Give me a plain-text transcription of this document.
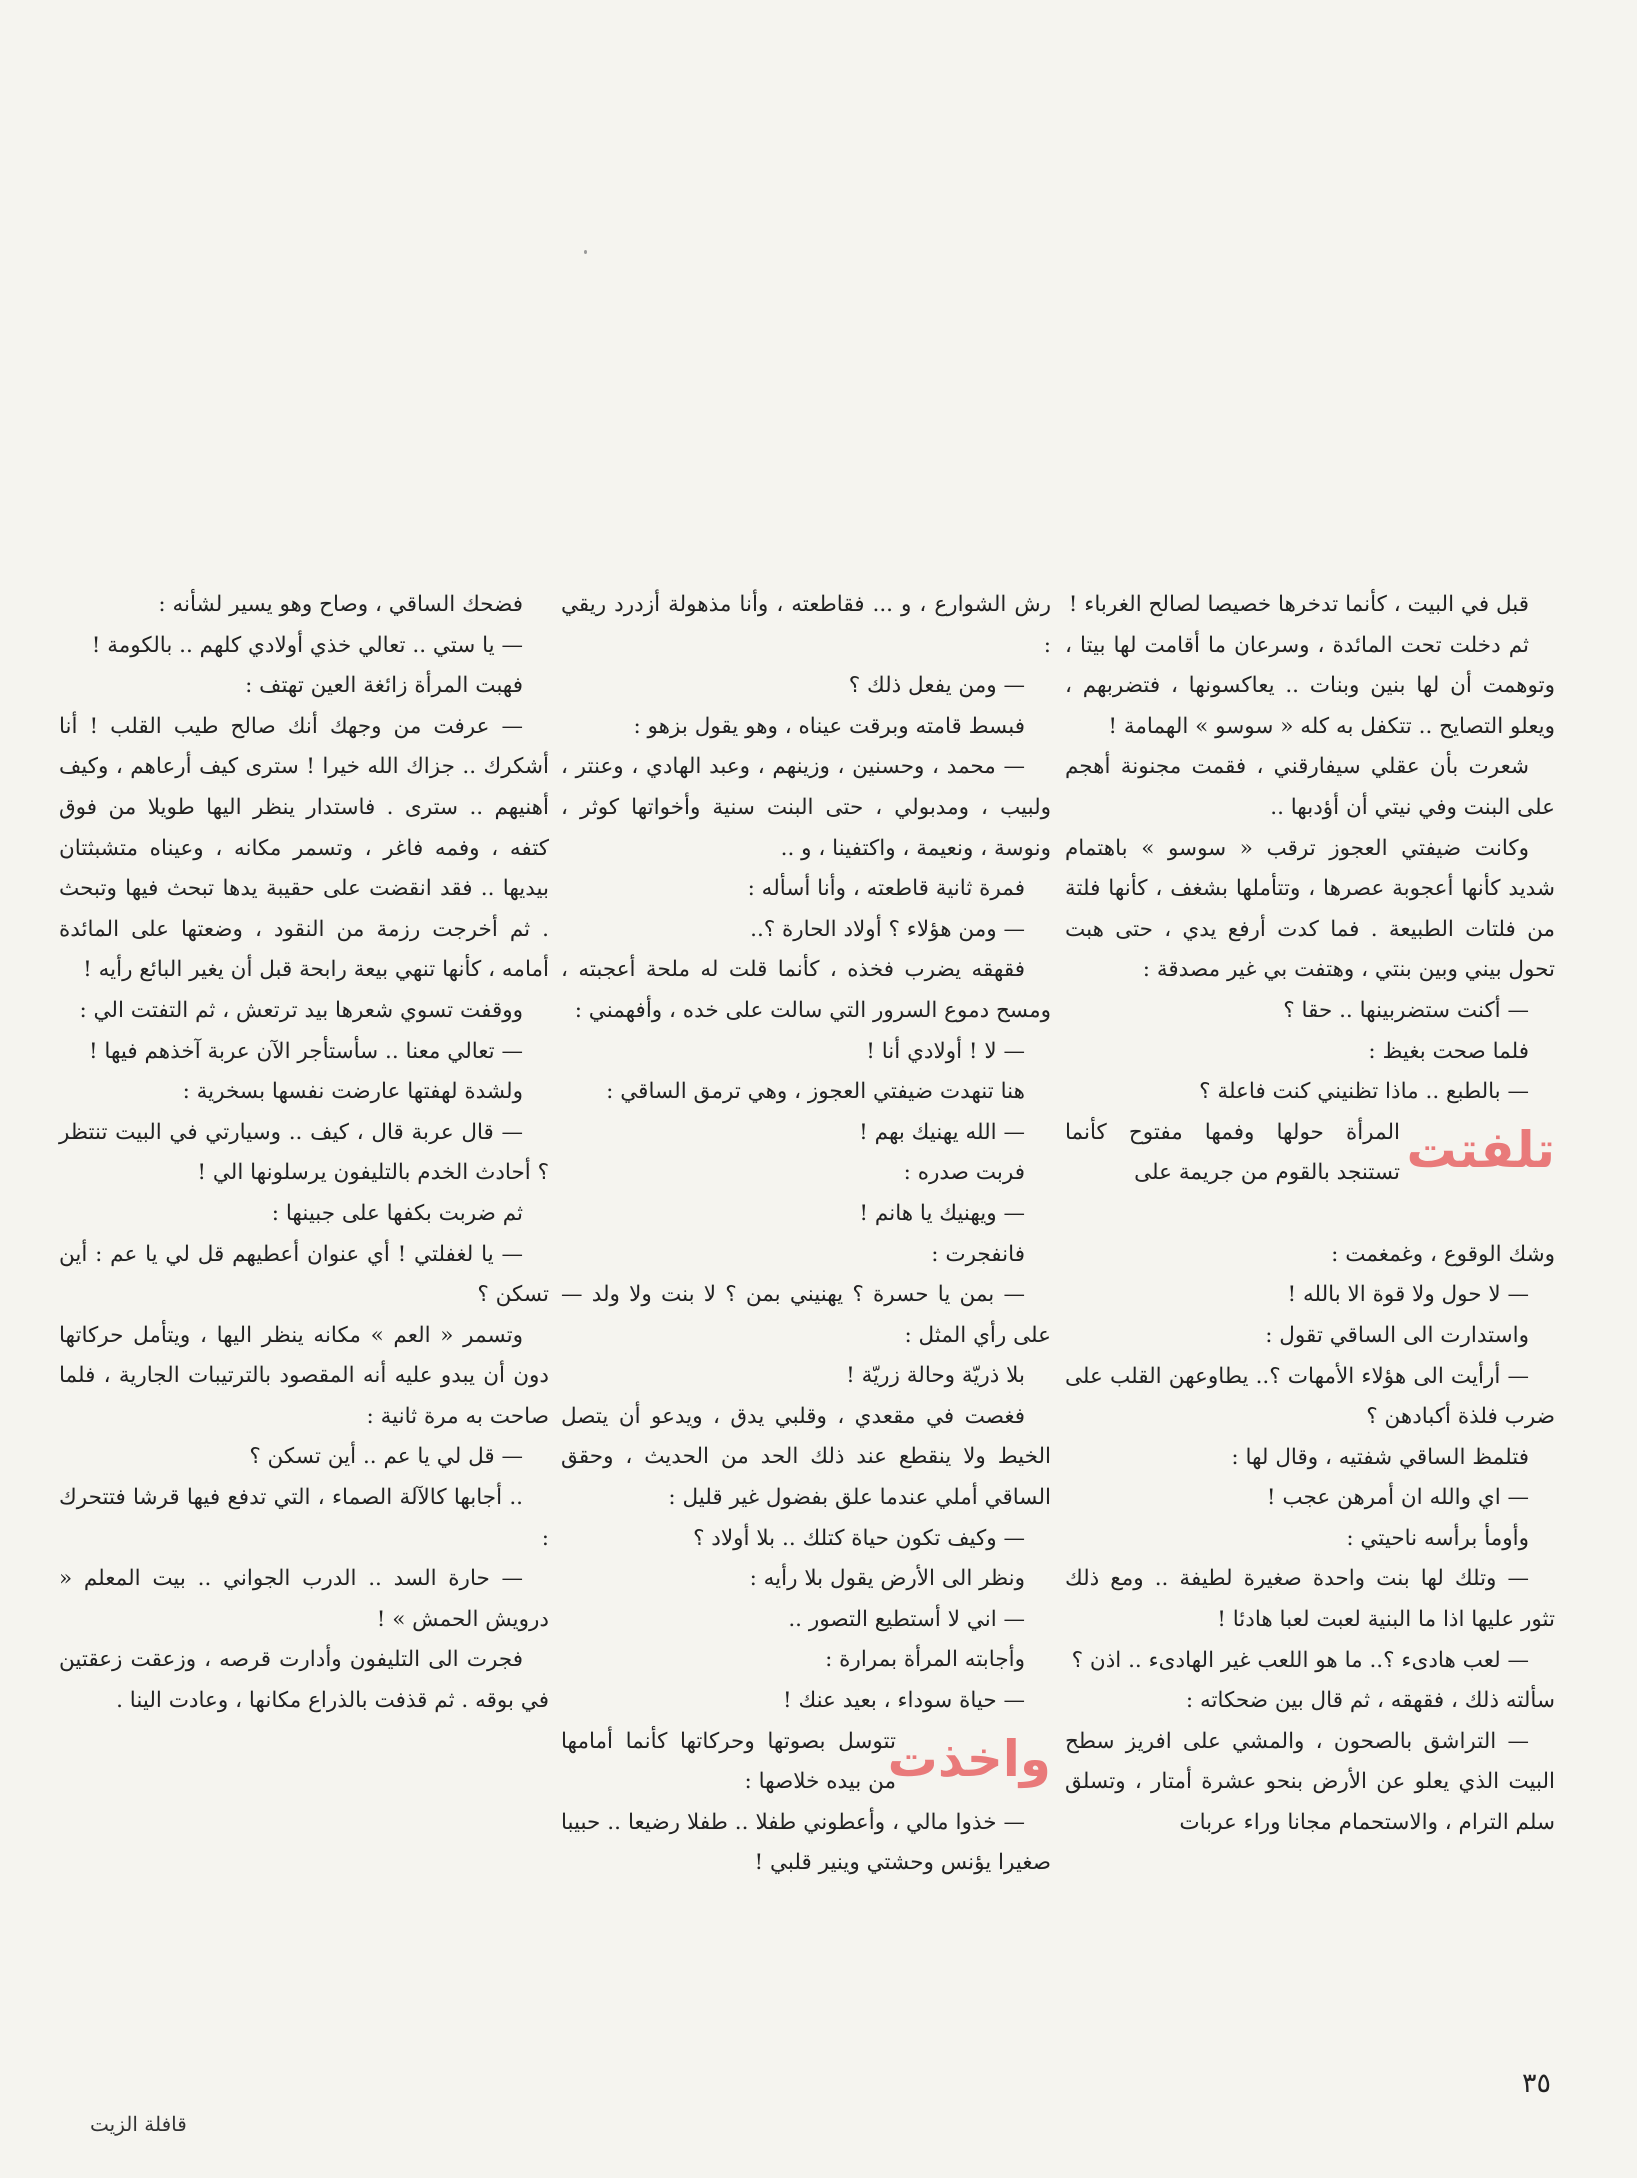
قبل في البيت ، كأنما تدخرها خصيصا لصالح الغرباء !

ثم دخلت تحت المائدة ، وسرعان ما أقامت لها بيتا ، وتوهمت أن لها بنين وبنات .. يعاكسونها ، فتضربهم ، ويعلو التصايح .. تتكفل به كله « سوسو » الهمامة !

شعرت بأن عقلي سيفارقني ، فقمت مجنونة أهجم على البنت وفي نيتي أن أؤدبها ..

وكانت ضيفتي العجوز ترقب « سوسو » باهتمام شديد كأنها أعجوبة عصرها ، وتتأملها بشغف ، كأنها فلتة من فلتات الطبيعة . فما كدت أرفع يدي ، حتى هبت تحول بيني وبين بنتي ، وهتفت بي غير مصدقة :

— أكنت ستضربينها .. حقا ؟

فلما صحت بغيظ :

— بالطبع .. ماذا تظنيني كنت فاعلة ؟

تلفتت
المرأة حولها وفمها مفتوح كأنما تستنجد بالقوم من جريمة على

وشك الوقوع ، وغمغمت :

— لا حول ولا قوة الا بالله !

واستدارت الى الساقي تقول :

— أرأيت الى هؤلاء الأمهات ؟.. يطاوعهن القلب على ضرب فلذة أكبادهن ؟

فتلمظ الساقي شفتيه ، وقال لها :

— اي والله ان أمرهن عجب !

وأومأ برأسه ناحيتي :

— وتلك لها بنت واحدة صغيرة لطيفة .. ومع ذلك تثور عليها اذا ما البنية لعبت لعبا هادئا !

— لعب هادىء ؟.. ما هو اللعب غير الهادىء .. اذن ؟

سألته ذلك ، فقهقه ، ثم قال بين ضحكاته :

— التراشق بالصحون ، والمشي على افريز سطح البيت الذي يعلو عن الأرض بنحو عشرة أمتار ، وتسلق سلم الترام ، والاستحمام مجانا وراء عربات

رش الشوارع ، و ... فقاطعته ، وأنا مذهولة أزدرد ريقي :

— ومن يفعل ذلك ؟

فبسط قامته وبرقت عيناه ، وهو يقول بزهو :

— محمد ، وحسنين ، وزينهم ، وعبد الهادي ، وعنتر ، ولبيب ، ومدبولي ، حتى البنت سنية وأخواتها كوثر ، ونوسة ، ونعيمة ، واكتفينا ، و ..

فمرة ثانية قاطعته ، وأنا أسأله :

— ومن هؤلاء ؟ أولاد الحارة ؟..

فقهقه يضرب فخذه ، كأنما قلت له ملحة أعجبته ، ومسح دموع السرور التي سالت على خده ، وأفهمني :

— لا ! أولادي أنا !

هنا تنهدت ضيفتي العجوز ، وهي ترمق الساقي :

— الله يهنيك بهم !

فربت صدره :

— ويهنيك يا هانم !

فانفجرت :

— بمن يا حسرة ؟ يهنيني بمن ؟ لا بنت ولا ولد — على رأي المثل :

بلا ذريّة وحالة زريّة !

فغصت في مقعدي ، وقلبي يدق ، ويدعو أن يتصل الخيط ولا ينقطع عند ذلك الحد من الحديث ، وحقق الساقي أملي عندما علق بفضول غير قليل :

— وكيف تكون حياة كتلك .. بلا أولاد ؟

ونظر الى الأرض يقول بلا رأيه :

— اني لا أستطيع التصور ..

وأجابته المرأة بمرارة :

— حياة سوداء ، بعيد عنك !

واخذت
تتوسل بصوتها وحركاتها كأنما أمامها من بيده خلاصها :

— خذوا مالي ، وأعطوني طفلا .. طفلا رضيعا .. حبيبا صغيرا يؤنس وحشتي وينير قلبي !

فضحك الساقي ، وصاح وهو يسير لشأنه :

— يا ستي .. تعالي خذي أولادي كلهم .. بالكومة !

فهبت المرأة زائغة العين تهتف :

— عرفت من وجهك أنك صالح طيب القلب ! أنا أشكرك .. جزاك الله خيرا ! سترى كيف أرعاهم ، وكيف أهنيهم .. سترى . فاستدار ينظر اليها طويلا من فوق كتفه ، وفمه فاغر ، وتسمر مكانه ، وعيناه متشبثتان بيديها .. فقد انقضت على حقيبة يدها تبحث فيها وتبحث . ثم أخرجت رزمة من النقود ، وضعتها على المائدة أمامه ، كأنها تنهي بيعة رابحة قبل أن يغير البائع رأيه !

ووقفت تسوي شعرها بيد ترتعش ، ثم التفتت الي :

— تعالي معنا .. سأستأجر الآن عربة آخذهم فيها !

ولشدة لهفتها عارضت نفسها بسخرية :

— قال عربة قال ، كيف .. وسيارتي في البيت تنتظر ؟ أحادث الخدم بالتليفون يرسلونها الي !

ثم ضربت بكفها على جبينها :

— يا لغفلتي ! أي عنوان أعطيهم قل لي يا عم : أين تسكن ؟

وتسمر « العم » مكانه ينظر اليها ، ويتأمل حركاتها دون أن يبدو عليه أنه المقصود بالترتيبات الجارية ، فلما صاحت به مرة ثانية :

— قل لي يا عم .. أين تسكن ؟

.. أجابها كالآلة الصماء ، التي تدفع فيها قرشا فتتحرك :

— حارة السد .. الدرب الجواني .. بيت المعلم « درويش الحمش » !

فجرت الى التليفون وأدارت قرصه ، وزعقت زعقتين في بوقه . ثم قذفت بالذراع مكانها ، وعادت الينا .

٣٥
قافلة الزيت
